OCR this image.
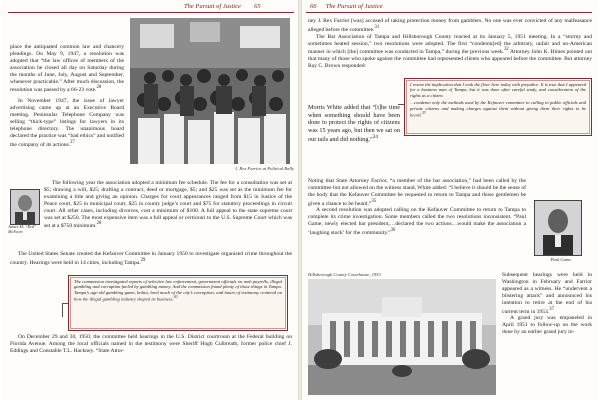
The Pursuit of Justice 65

place the antiquated common law and chancery pleadings. On May 9, 1947, a resolution was adopted that “the law offices of members of the association be closed all day on Saturday during the months of June, July, August and September, whenever practicable.” After much discussion, the resolution was passed by a 66-23 vote.$^{28}$

In November 1947, the issue of lawyer advertising came up at an Executive Board meeting. Peninsular Telephone Company was selling “thick-type” listings for lawyers in its telephone directory. The unanimous board declared the practice was “bad ethics” and notified the company of its actions.$^{27}$

J. Rex Farrior at Political Rally
James M. “Red” McEwen

The following year the association adopted a minimum fee schedule. The fee for a consultation was set at $5; drawing a will, $25; drafting a contract, deed or mortgage, $5; and $25 was set as the minimum fee for examining a title and giving an opinion. Charges for court appearances ranged from $15 in Justice of the Peace court, $25 in municipal court, $25 in county judge’s court and $75 for statutory proceedings in circuit court. All other cases, including divorces, cost a minimum of $100. A full appeal to the state supreme court was set at $250. The most expensive item was a full appeal or certiorari to the U.S. Supreme Court which was set at a $750 minimum.$^{28}$

The United States Senate created the Kefauver Committee in January 1950 to investigate organized crime throughout the country. Hearings were held in 14 cities, including Tampa.$^{29}$

The commission investigated reports of selective law enforcement, government officials on mob payrolls, illegal gambling and corruption fueled by gambling money. And the commission found plenty of those things in Tampa. Tampa’s age-old gambling game, bolita, bred much of the city’s corruption, and hours of testimony centered on how the illegal gambling industry shaped its business.$^{30}$

On December 29 and 30, 1950, the committee held hearings in the U.S. District courtroom at the Federal building on Florida Avenue. Among the local officials named in the testimony were Sheriff Hugh Culbreath, former police chief J. Eddings and Constable T.L. Hackney. “State Attor-

66 The Pursuit of Justice

ney J. Rex Farrior [was] accused of taking protection money from gamblers. No one was ever convicted of any malfeasance alleged before the committee.$^{31}$

The Bar Association of Tampa and Hillsborough County reacted at its January 5, 1951 meeting. In a “stormy and sometimes heated session,” two resolutions were adopted. The first “condemn[ed] the arbitrary, unfair and un-American manner in which [the] committee was conducted in Tampa,” during the previous week.$^{32}$ Attorney John K. Himes pointed out that many of those who spoke against the committee had represented clients who appeared before the committee. But attorney Ray C. Brown responded:

I resent the implication that I took the floor here today with prejudice. It is true that I appeared for a business man of Tampa, but it was done after careful study, and consideration of the rights as a citizen.
…condemn only the methods used by the Kefauver committee in calling in public officials and private citizens and making charges against them without giving them their rights to be heard.$^{33}$

Morris White added that “[t]he time when something should have been done to protect the rights of citizens was 15 years ago, but then we sat on our tails and did nothing.”$^{34}$

Noting that State Attorney Farrior, “a member of the bar association,” had been called by the committee but not allowed on the witness stand, White added: “I believe it should be the sense of the body that the Kefauver Committee be requested to return to Tampa and those gentlemen be given a chance to be heard.”$^{35}$

A second resolution was adopted calling on the Kefauver Committee to return to Tampa to complete its crime investigation. Some members called the two resolutions inconsistent. “Paul Game, newly elected bar president,…declared the two actions…would make the association a ‘laughing stock’ for the community.”$^{36}$

Paul Game
Hillsborough County Courthouse, 1953	Subsequent hearings were held in Washington in February and Farrior appeared as a witness. He “undervent a blistering attack” and announced his intention to retire at the end of his current term in 1953.37

A grand jury was empaneled in April 1951 to follow-up on the work done by an earlier grand jury in-
